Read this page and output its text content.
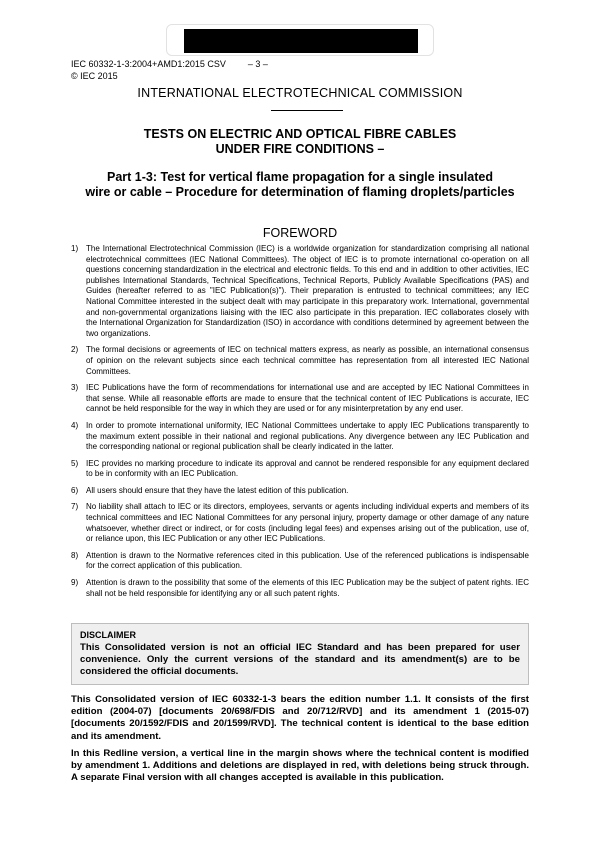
IEC 60332-1-3:2004+AMD1:2015 CSV – 3 –
© IEC 2015
INTERNATIONAL ELECTROTECHNICAL COMMISSION
TESTS ON ELECTRIC AND OPTICAL FIBRE CABLES
UNDER FIRE CONDITIONS –
Part 1-3: Test for vertical flame propagation for a single insulated
wire or cable – Procedure for determination of flaming droplets/particles
FOREWORD
1) The International Electrotechnical Commission (IEC) is a worldwide organization for standardization comprising all national electrotechnical committees (IEC National Committees). The object of IEC is to promote international co-operation on all questions concerning standardization in the electrical and electronic fields. To this end and in addition to other activities, IEC publishes International Standards, Technical Specifications, Technical Reports, Publicly Available Specifications (PAS) and Guides (hereafter referred to as "IEC Publication(s)"). Their preparation is entrusted to technical committees; any IEC National Committee interested in the subject dealt with may participate in this preparatory work. International, governmental and non-governmental organizations liaising with the IEC also participate in this preparation. IEC collaborates closely with the International Organization for Standardization (ISO) in accordance with conditions determined by agreement between the two organizations.
2) The formal decisions or agreements of IEC on technical matters express, as nearly as possible, an international consensus of opinion on the relevant subjects since each technical committee has representation from all interested IEC National Committees.
3) IEC Publications have the form of recommendations for international use and are accepted by IEC National Committees in that sense. While all reasonable efforts are made to ensure that the technical content of IEC Publications is accurate, IEC cannot be held responsible for the way in which they are used or for any misinterpretation by any end user.
4) In order to promote international uniformity, IEC National Committees undertake to apply IEC Publications transparently to the maximum extent possible in their national and regional publications. Any divergence between any IEC Publication and the corresponding national or regional publication shall be clearly indicated in the latter.
5) IEC provides no marking procedure to indicate its approval and cannot be rendered responsible for any equipment declared to be in conformity with an IEC Publication.
6) All users should ensure that they have the latest edition of this publication.
7) No liability shall attach to IEC or its directors, employees, servants or agents including individual experts and members of its technical committees and IEC National Committees for any personal injury, property damage or other damage of any nature whatsoever, whether direct or indirect, or for costs (including legal fees) and expenses arising out of the publication, use of, or reliance upon, this IEC Publication or any other IEC Publications.
8) Attention is drawn to the Normative references cited in this publication. Use of the referenced publications is indispensable for the correct application of this publication.
9) Attention is drawn to the possibility that some of the elements of this IEC Publication may be the subject of patent rights. IEC shall not be held responsible for identifying any or all such patent rights.
DISCLAIMER
This Consolidated version is not an official IEC Standard and has been prepared for user convenience. Only the current versions of the standard and its amendment(s) are to be considered the official documents.

This Consolidated version of IEC 60332-1-3 bears the edition number 1.1. It consists of the first edition (2004-07) [documents 20/698/FDIS and 20/712/RVD] and its amendment 1 (2015-07) [documents 20/1592/FDIS and 20/1599/RVD]. The technical content is identical to the base edition and its amendment.

In this Redline version, a vertical line in the margin shows where the technical content is modified by amendment 1. Additions and deletions are displayed in red, with deletions being struck through. A separate Final version with all changes accepted is available in this publication.
